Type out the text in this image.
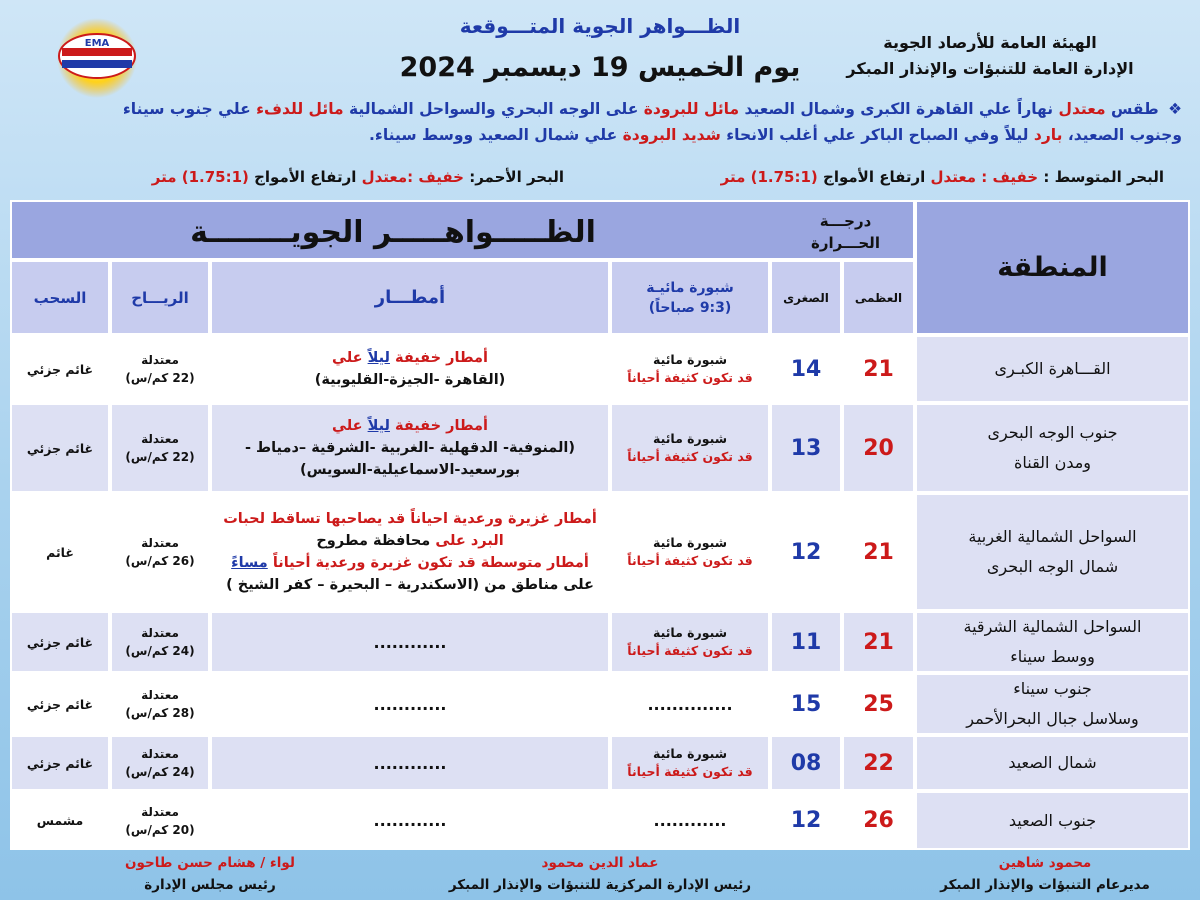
الظـــواهر الجوية المتـــوقعة
يوم الخميس 19 ديسمبر 2024
الهيئة العامة للأرصاد الجوية
الإدارة العامة للتنبؤات والإنذار المبكر
EMA
❖ طقس معتدل نهاراً علي القاهرة الكبرى وشمال الصعيد مائل للبرودة على الوجه البحري والسواحل الشمالية مائل للدفء علي جنوب سيناء
وجنوب الصعيد، بارد ليلاً وفي الصباح الباكر علي أغلب الانحاء شديد البرودة علي شمال الصعيد ووسط سيناء.
البحر المتوسط : خفيف : معتدل ارتفاع الأمواج (1.75:1) متر
البحر الأحمر: خفيف :معتدل ارتفاع الأمواج (1.75:1) متر
المنطقة
درجـــة
الحـــرارة
الظـــــواهـــــر الجويــــــــة
العظمى
الصغرى
شبورة مائيـة
(9:3 صباحاً)
أمطـــار
الريـــاح
السحب
القـــاهرة الكبـرى
21
14
شبورة مائية
قد تكون كثيفة أحياناً
أمطار خفيفة ليلاً علي
(القاهرة -الجيزة-القليوبية)
معتدلة
(22 كم/س)
غائم جزئي
جنوب الوجه البحرى
ومدن القناة
20
13
شبورة مائية
قد تكون كثيفة أحياناً
أمطار خفيفة ليلاً علي
(المنوفية- الدقهلية -الغربية -الشرقية –دمياط -
بورسعيد-الاسماعيلية-السويس)
معتدلة
(22 كم/س)
غائم جزئي
السواحل الشمالية الغربية
شمال الوجه البحرى
21
12
شبورة مائية
قد تكون كثيفة أحياناً
أمطار غزيرة ورعدية احياناً قد يصاحبها تساقط لحبات
البرد على محافظة مطروح
أمطار متوسطة قد تكون غزيرة ورعدية أحياناً مساءً
على مناطق من (الاسكندرية – البحيرة – كفر الشيخ )
معتدلة
(26 كم/س)
غائم
السواحل الشمالية الشرقية
ووسط سيناء
21
11
شبورة مائية
قد تكون كثيفة أحياناً
............
معتدلة
(24 كم/س)
غائم جزئي
جنوب سيناء
وسلاسل جبال البحرالأحمر
25
15
..............
............
معتدلة
(28 كم/س)
غائم جزئي
شمال الصعيد
22
08
شبورة مائية
قد تكون كثيفة أحياناً
............
معتدلة
(24 كم/س)
غائم جزئي
جنوب الصعيد
26
12
............
............
معتدلة
(20 كم/س)
مشمس
محمود شاهين
مديرعام التنبؤات والإنذار المبكر
عماد الدين محمود
رئيس الإدارة المركزية للتنبؤات والإنذار المبكر
لواء / هشام حسن طاحون
رئيس مجلس الإدارة
